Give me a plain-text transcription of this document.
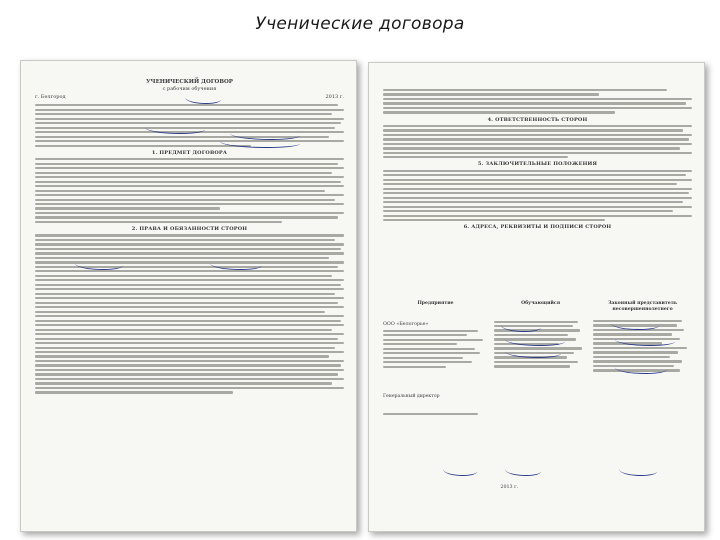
Ученические договора
УЧЕНИЧЕСКИЙ ДОГОВОР
с рабочим обучения
г. Белгород	2013 г.
1. ПРЕДМЕТ ДОГОВОРА
2. ПРАВА И ОБЯЗАННОСТИ СТОРОН
4. ОТВЕТСТВЕННОСТЬ СТОРОН
5. ЗАКЛЮЧИТЕЛЬНЫЕ ПОЛОЖЕНИЯ
6. АДРЕСА, РЕКВИЗИТЫ И ПОДПИСИ СТОРОН
Предприятие
ООО «Белогорье»
Генеральный директор
Обучающийся	Законный представитель несовершеннолетнего
2013 г.
